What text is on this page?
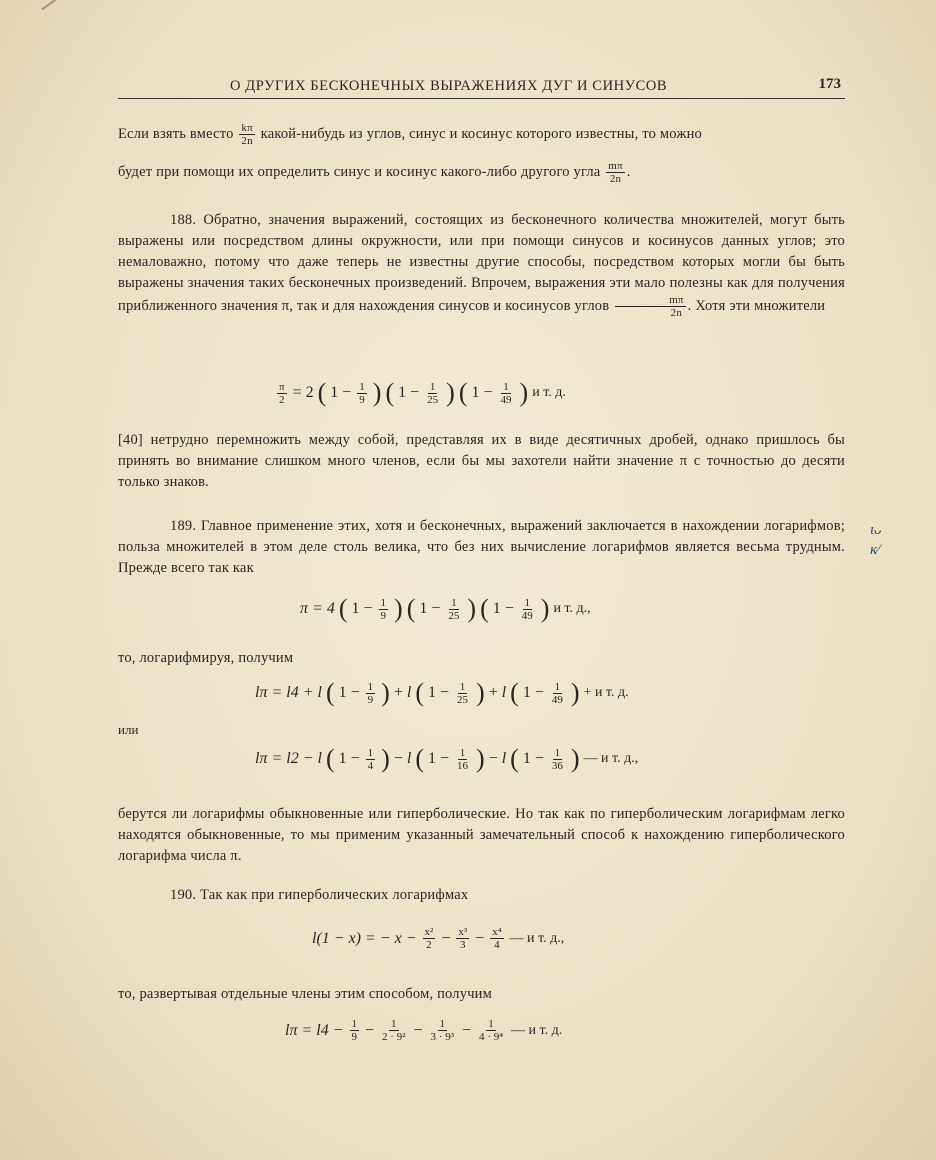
О ДРУГИХ БЕСКОНЕЧНЫХ ВЫРАЖЕНИЯХ ДУГ И СИНУСОВ	173
Если взять вместо $\frac{k\pi}{2n}$ какой-нибудь из углов, синус и косинус которого известны, то можно
будет при помощи их определить синус и косинус какого-либо другого угла $\frac{m\pi}{2n}$ .
188. Обратно, значения выражений, состоящих из бесконечного количества множителей, могут быть выражены или посредством длины окружности, или при помощи синусов и косинусов данных углов; это немаловажно, потому что даже теперь не известны другие способы, посредством которых могли бы быть выражены значения таких бесконечных произведений. Впрочем, выражения эти мало полезны как для получения приближенного значения π, так и для нахождения синусов и косинусов углов $\frac{m\pi}{2n}$ . Хотя эти множители
$\frac{\pi}{2} = 2$ ( $1 - \frac{1}{9}$ ) ( $1 - \frac{1}{25}$ ) ( $1 - \frac{1}{49}$ ) и т. д.
[40] нетрудно перемножить между собой, представляя их в виде десятичных дробей, однако пришлось бы принять во внимание слишком много членов, если бы мы захотели найти значение π с точностью до десяти только знаков.
189. Главное применение этих, хотя и бесконечных, выражений заключается в нахождении логарифмов; польза множителей в этом деле столь велика, что без них вычисление логарифмов является весьма трудным. Прежде всего так как
π = 4 ( $1 - \frac{1}{9}$ ) ( $1 - \frac{1}{25}$ ) ( $1 - \frac{1}{49}$ ) и т. д.,
то, логарифмируя, получим
lπ = l4 + l ( $1 - \frac{1}{9}$ ) + l ( $1 - \frac{1}{25}$ ) + l ( $1 - \frac{1}{49}$ ) + и т. д.
или
lπ = l2 − l ( $1 - \frac{1}{4}$ ) − l ( $1 - \frac{1}{16}$ ) − l ( $1 - \frac{1}{36}$ ) — и т. д.,
берутся ли логарифмы обыкновенные или гиперболические. Но так как по гиперболическим логарифмам легко находятся обыкновенные, то мы применим указанный замечательный способ к нахождению гиперболического логарифма числа π.
190. Так как при гиперболических логарифмах
l(1 − x) = − $x - \frac{\text{x²}}{2} - \frac{\text{x³}}{3} - \frac{\text{x⁴}}{4}$ — и т. д.,
то, развертывая отдельные члены этим способом, получим
$l\pi = l4 - \frac{1}{9} - \frac{1}{\text{2 · 9²}} - \frac{1}{\text{3 · 9³}} - \frac{1}{\text{4 · 9⁴}}$ — и т. д.
ιᴗ
ᴋ⁄
